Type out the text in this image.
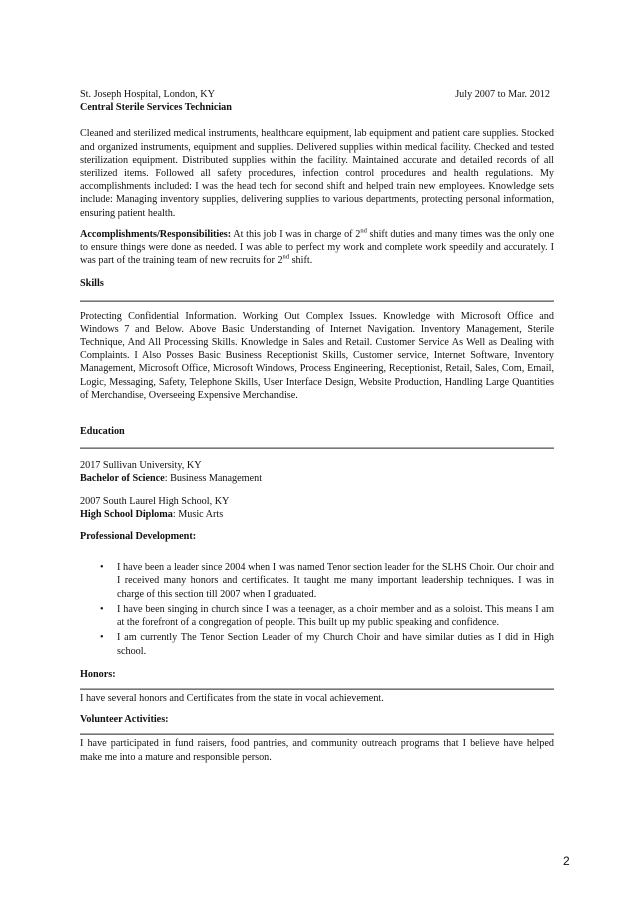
St. Joseph Hospital, London, KY	July 2007 to Mar. 2012
Central Sterile Services Technician

Cleaned and sterilized medical instruments, healthcare equipment, lab equipment and patient care supplies. Stocked and organized instruments, equipment and supplies. Delivered supplies within medical facility. Checked and tested sterilization equipment. Distributed supplies within the facility. Maintained accurate and detailed records of all sterilized items. Followed all safety procedures, infection control procedures and health regulations. My accomplishments included: I was the head tech for second shift and helped train new employees. Knowledge sets include: Managing inventory supplies, delivering supplies to various departments, protecting personal information, ensuring patient health.

Accomplishments/Responsibilities: At this job I was in charge of 2nd shift duties and many times was the only one to ensure things were done as needed. I was able to perfect my work and complete work speedily and accurately. I was part of the training team of new recruits for 2nd shift.

Skills

Protecting Confidential Information. Working Out Complex Issues. Knowledge with Microsoft Office and Windows 7 and Below. Above Basic Understanding of Internet Navigation. Inventory Management, Sterile Technique, And All Processing Skills. Knowledge in Sales and Retail. Customer Service As Well as Dealing with Complaints. I Also Posses Basic Business Receptionist Skills, Customer service, Internet Software, Inventory Management, Microsoft Office, Microsoft Windows, Process Engineering, Receptionist, Retail, Sales, Com, Email, Logic, Messaging, Safety, Telephone Skills, User Interface Design, Website Production, Handling Large Quantities of Merchandise, Overseeing Expensive Merchandise.

Education
2017 Sullivan University, KY
Bachelor of Science: Business Management
2007 South Laurel High School, KY
High School Diploma: Music Arts
Professional Development:
• I have been a leader since 2004 when I was named Tenor section leader for the SLHS Choir. Our choir and I received many honors and certificates. It taught me many important leadership techniques. I was in charge of this section till 2007 when I graduated.
• I have been singing in church since I was a teenager, as a choir member and as a soloist. This means I am at the forefront of a congregation of people. This built up my public speaking and confidence.
• I am currently The Tenor Section Leader of my Church Choir and have similar duties as I did in High school.
Honors:
I have several honors and Certificates from the state in vocal achievement.
Volunteer Activities:

I have participated in fund raisers, food pantries, and community outreach programs that I believe have helped make me into a mature and responsible person.

2
